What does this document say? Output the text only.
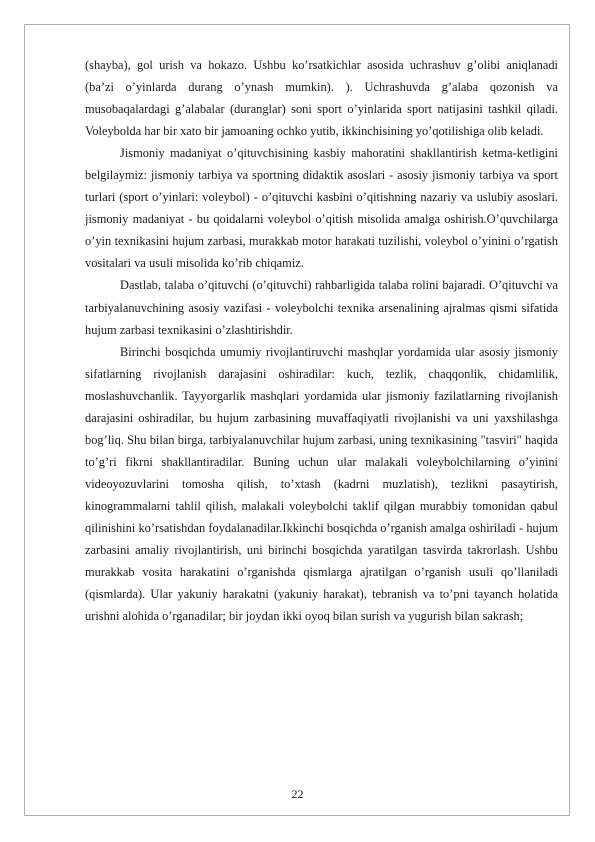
(shayba), gol urish va hokazo. Ushbu ko’rsatkichlar asosida uchrashuv g’olibi aniqlanadi (ba’zi o’yinlarda durang o’ynash mumkin). ). Uchrashuvda g’alaba qozonish va musobaqalardagi g’alabalar (duranglar) soni sport o’yinlarida sport natijasini tashkil qiladi. Voleybolda har bir xato bir jamoaning ochko yutib, ikkinchisining yo’qotilishiga olib keladi.

Jismoniy madaniyat o’qituvchisining kasbiy mahoratini shakllantirish ketma-ketligini belgilaymiz: jismoniy tarbiya va sportning didaktik asoslari - asosiy jismoniy tarbiya va sport turlari (sport o’yinlari: voleybol) - o’qituvchi kasbini o’qitishning nazariy va uslubiy asoslari. jismoniy madaniyat - bu qoidalarni voleybol o’qitish misolida amalga oshirish.O’quvchilarga o’yin texnikasini hujum zarbasi, murakkab motor harakati tuzilishi, voleybol o’yinini o’rgatish vositalari va usuli misolida ko’rib chiqamiz.

Dastlab, talaba o’qituvchi (o’qituvchi) rahbarligida talaba rolini bajaradi. O’qituvchi va tarbiyalanuvchining asosiy vazifasi - voleybolchi texnika arsenalining ajralmas qismi sifatida hujum zarbasi texnikasini o’zlashtirishdir.

Birinchi bosqichda umumiy rivojlantiruvchi mashqlar yordamida ular asosiy jismoniy sifatlarning rivojlanish darajasini oshiradilar: kuch, tezlik, chaqqonlik, chidamlilik, moslashuvchanlik. Tayyorgarlik mashqlari yordamida ular jismoniy fazilatlarning rivojlanish darajasini oshiradilar, bu hujum zarbasining muvaffaqiyatli rivojlanishi va uni yaxshilashga bog’liq. Shu bilan birga, tarbiyalanuvchilar hujum zarbasi, uning texnikasining "tasviri" haqida to’g’ri fikrni shakllantiradilar. Buning uchun ular malakali voleybolchilarning o’yinini videoyozuvlarini tomosha qilish, to’xtash (kadrni muzlatish), tezlikni pasaytirish, kinogrammalarni tahlil qilish, malakali voleybolchi taklif qilgan murabbiy tomonidan qabul qilinishini ko’rsatishdan foydalanadilar.Ikkinchi bosqichda o’rganish amalga oshiriladi - hujum zarbasini amaliy rivojlantirish, uni birinchi bosqichda yaratilgan tasvirda takrorlash. Ushbu murakkab vosita harakatini o’rganishda qismlarga ajratilgan o’rganish usuli qo’llaniladi (qismlarda). Ular yakuniy harakatni (yakuniy harakat), tebranish va to’pni tayanch holatida urishni alohida o’rganadilar; bir joydan ikki oyoq bilan surish va yugurish bilan sakrash;

22
